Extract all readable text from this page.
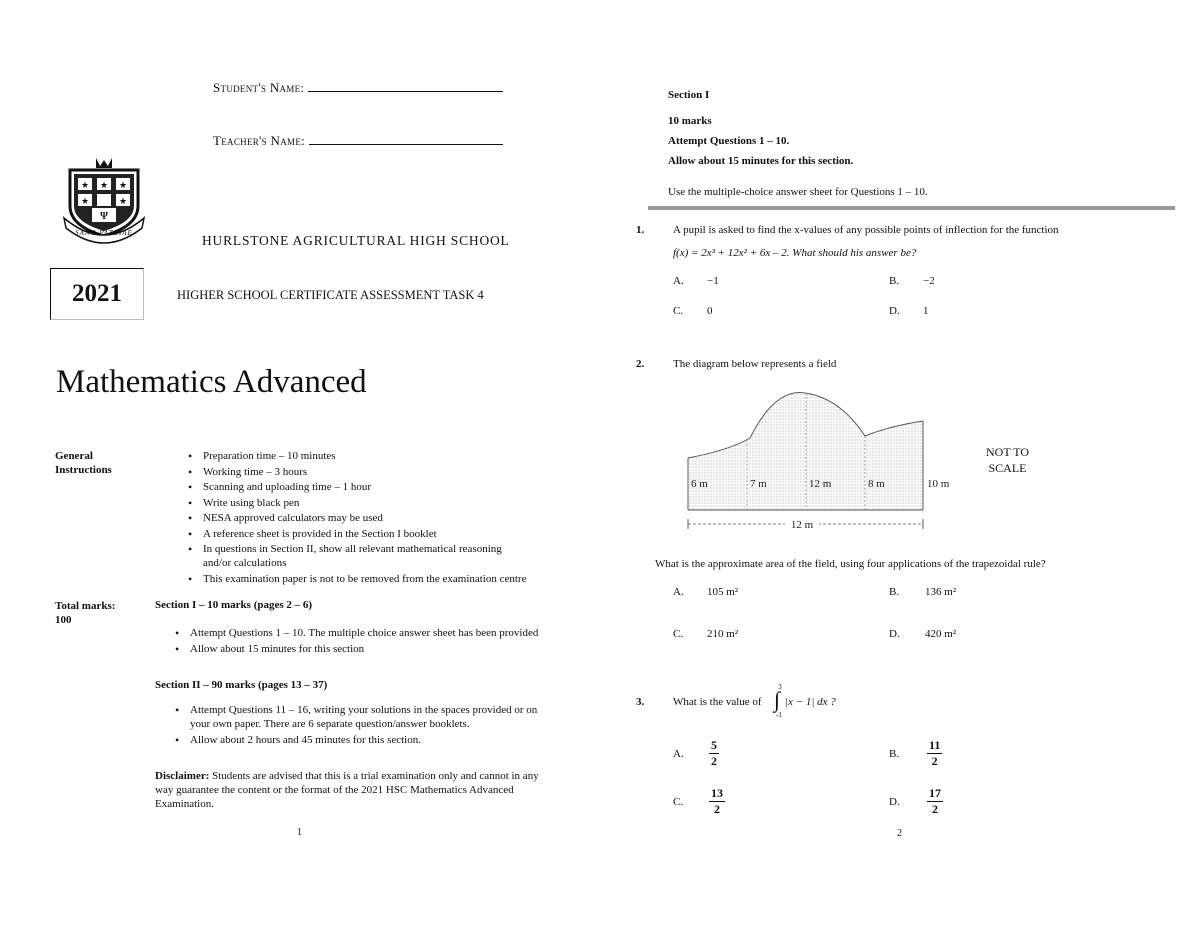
Student's Name:
Teacher's Name:
★ ★ ★
★	★
Ψ
SANO PATRIAE	HURLSTONE AGRICULTURAL HIGH SCHOOL
2021	HIGHER SCHOOL CERTIFICATE ASSESSMENT TASK 4
Mathematics Advanced
General
Instructions
• Preparation time – 10 minutes
• Working time – 3 hours
• Scanning and uploading time – 1 hour
• Write using black pen
• NESA approved calculators may be used
• A reference sheet is provided in the Section I booklet
• In questions in Section II, show all relevant mathematical reasoning and/or calculations
• This examination paper is not to be removed from the examination centre
Total marks:
100
Section I – 10 marks (pages 2 – 6)
• Attempt Questions 1 – 10. The multiple choice answer sheet has been provided
• Allow about 15 minutes for this section
Section II – 90 marks (pages 13 – 37)
• Attempt Questions 11 – 16, writing your solutions in the spaces provided or on your own paper. There are 6 separate question/answer booklets.
• Allow about 2 hours and 45 minutes for this section.
Disclaimer: Students are advised that this is a trial examination only and cannot in any way guarantee the content or the format of the 2021 HSC Mathematics Advanced Examination.
1
Section I
10 marks
Attempt Questions 1 – 10.
Allow about 15 minutes for this section.
Use the multiple-choice answer sheet for Questions 1 – 10.
1.	A pupil is asked to find the x-values of any possible points of inflection for the function
f(x) = 2x³ + 12x² + 6x – 2. What should his answer be?
A. −1	B. −2
C. 0	D. 1
2.	The diagram below represents a field
6 m	7 m	12 m	8 m	10 m
12 m
NOT TO
SCALE
What is the approximate area of the field, using four applications of the trapezoidal rule?
A. 105 m²	B. 136 m²
C. 210 m²	D. 420 m²
3.	What is the value of
3
∫
-1
|x − 1| dx ?
A. $\frac{5}{2}$	B. $\frac{11}{2}$
C. $\frac{13}{2}$	D. $\frac{17}{2}$
2
